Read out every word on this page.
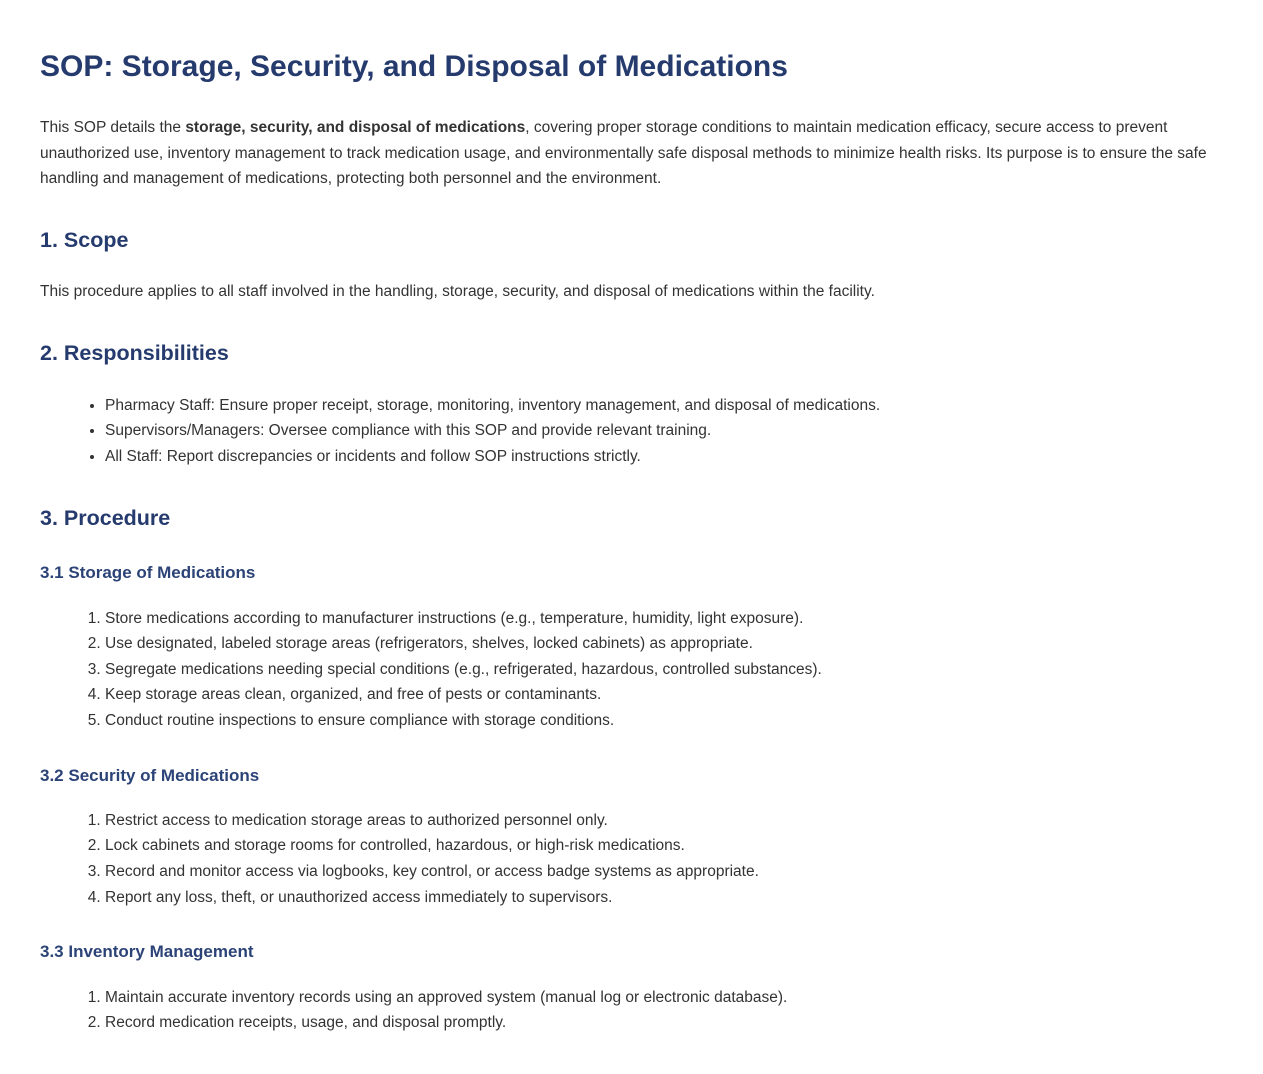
SOP: Storage, Security, and Disposal of Medications

This SOP details the storage, security, and disposal of medications, covering proper storage conditions to maintain medication efficacy, secure access to prevent unauthorized use, inventory management to track medication usage, and environmentally safe disposal methods to minimize health risks. Its purpose is to ensure the safe handling and management of medications, protecting both personnel and the environment.

1. Scope

This procedure applies to all staff involved in the handling, storage, security, and disposal of medications within the facility.

2. Responsibilities
• Pharmacy Staff: Ensure proper receipt, storage, monitoring, inventory management, and disposal of medications.
• Supervisors/Managers: Oversee compliance with this SOP and provide relevant training.
• All Staff: Report discrepancies or incidents and follow SOP instructions strictly.
3. Procedure
3.1 Storage of Medications
1. Store medications according to manufacturer instructions (e.g., temperature, humidity, light exposure).
2. Use designated, labeled storage areas (refrigerators, shelves, locked cabinets) as appropriate.
3. Segregate medications needing special conditions (e.g., refrigerated, hazardous, controlled substances).
4. Keep storage areas clean, organized, and free of pests or contaminants.
5. Conduct routine inspections to ensure compliance with storage conditions.
3.2 Security of Medications
1. Restrict access to medication storage areas to authorized personnel only.
2. Lock cabinets and storage rooms for controlled, hazardous, or high-risk medications.
3. Record and monitor access via logbooks, key control, or access badge systems as appropriate.
4. Report any loss, theft, or unauthorized access immediately to supervisors.
3.3 Inventory Management
1. Maintain accurate inventory records using an approved system (manual log or electronic database).
2. Record medication receipts, usage, and disposal promptly.
